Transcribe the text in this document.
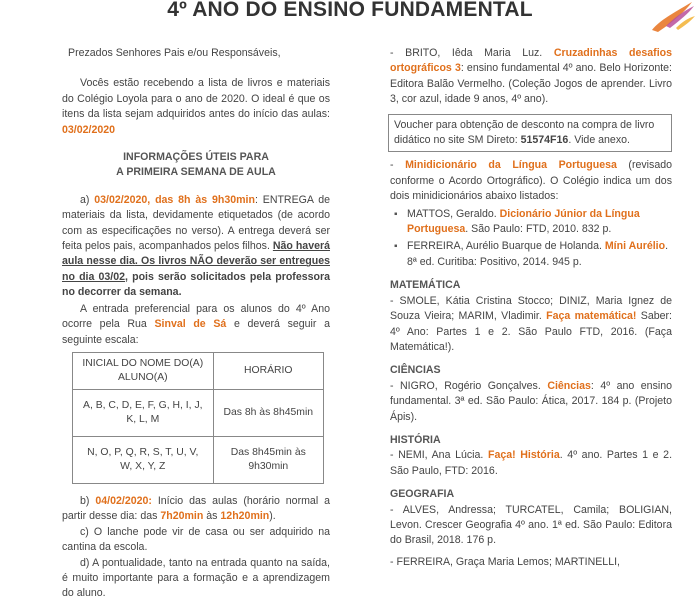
4º ANO DO ENSINO FUNDAMENTAL

Prezados Senhores Pais e/ou Responsáveis,

Vocês estão recebendo a lista de livros e materiais do Colégio Loyola para o ano de 2020. O ideal é que os itens da lista sejam adquiridos antes do início das aulas: 03/02/2020

INFORMAÇÕES ÚTEIS PARA
A PRIMEIRA SEMANA DE AULA

a) 03/02/2020, das 8h às 9h30min: ENTREGA de materiais da lista, devidamente etiquetados (de acordo com as especificações no verso). A entrega deverá ser feita pelos pais, acompanhados pelos filhos. Não haverá aula nesse dia. Os livros NÃO deverão ser entregues no dia 03/02, pois serão solicitados pela professora no decorrer da semana.

A entrada preferencial para os alunos do 4º Ano ocorre pela Rua Sinval de Sá e deverá seguir a seguinte escala:

INICIAL DO NOME DO(A) ALUNO(A)	HORÁRIO
A, B, C, D, E, F, G, H, I, J, K, L, M	Das 8h às 8h45min
N, O, P, Q, R, S, T, U, V, W, X, Y, Z	Das 8h45min às 9h30min

b) 04/02/2020: Início das aulas (horário normal a partir desse dia: das 7h20min às 12h20min).

c) O lanche pode vir de casa ou ser adquirido na cantina da escola.

d) A pontualidade, tanto na entrada quanto na saída, é muito importante para a formação e a aprendizagem do aluno.

- BRITO, Iêda Maria Luz. Cruzadinhas desafios ortográficos 3: ensino fundamental 4º ano. Belo Horizonte: Editora Balão Vermelho. (Coleção Jogos de aprender. Livro 3, cor azul, idade 9 anos, 4º ano).

Voucher para obtenção de desconto na compra de livro didático no site SM Direto: 51574F16. Vide anexo.

- Minidicionário da Língua Portuguesa (revisado conforme o Acordo Ortográfico). O Colégio indica um dos dois minidicionários abaixo listados:

▪ MATTOS, Geraldo. Dicionário Júnior da Língua Portuguesa. São Paulo: FTD, 2010. 832 p.
▪ FERREIRA, Aurélio Buarque de Holanda. Míni Aurélio. 8ª ed. Curitiba: Positivo, 2014. 945 p.

MATEMÁTICA

- SMOLE, Kátia Cristina Stocco; DINIZ, Maria Ignez de Souza Vieira; MARIM, Vladimir. Faça matemática! Saber: 4º Ano: Partes 1 e 2. São Paulo FTD, 2016. (Faça Matemática!).

CIÊNCIAS

- NIGRO, Rogério Gonçalves. Ciências: 4º ano ensino fundamental. 3ª ed. São Paulo: Ática, 2017. 184 p. (Projeto Ápis).

HISTÓRIA

- NEMI, Ana Lúcia. Faça! História. 4º ano. Partes 1 e 2. São Paulo, FTD: 2016.

GEOGRAFIA

- ALVES, Andressa; TURCATEL, Camila; BOLIGIAN, Levon. Crescer Geografia 4º ano. 1ª ed. São Paulo: Editora do Brasil, 2018. 176 p.

- FERREIRA, Graça Maria Lemos; MARTINELLI,
